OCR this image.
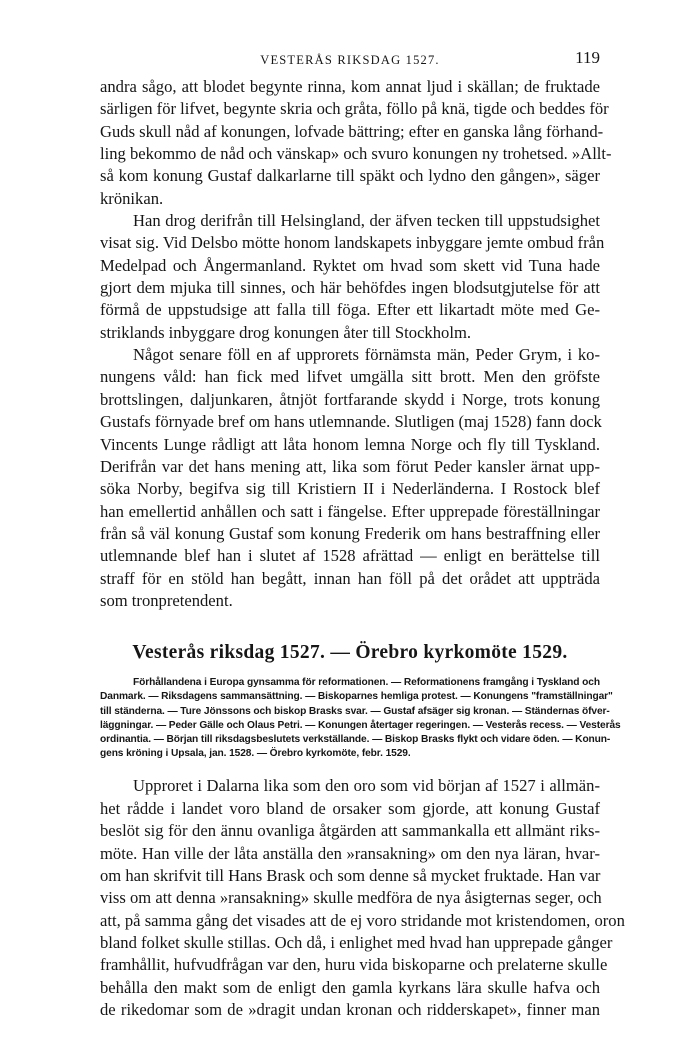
VESTERÅS RIKSDAG 1527.	119

andra sågo, att blodet begynte rinna, kom annat ljud i skällan; de fruktade
särligen för lifvet, begynte skria och gråta, föllo på knä, tigde och beddes för
Guds skull nåd af konungen, lofvade bättring; efter en ganska lång förhand-
ling bekommo de nåd och vänskap» och svuro konungen ny trohetsed. »Allt-
så kom konung Gustaf dalkarlarne till späkt och lydno den gången», säger
krönikan.

Han drog derifrån till Helsingland, der äfven tecken till uppstudsighet
visat sig. Vid Delsbo mötte honom landskapets inbyggare jemte ombud från
Medelpad och Ångermanland. Ryktet om hvad som skett vid Tuna hade
gjort dem mjuka till sinnes, och här behöfdes ingen blodsutgjutelse för att
förmå de uppstudsige att falla till föga. Efter ett likartadt möte med Ge-
striklands inbyggare drog konungen åter till Stockholm.

Något senare föll en af upprorets förnämsta män, Peder Grym, i ko-
nungens våld: han fick med lifvet umgälla sitt brott. Men den gröfste
brottslingen, daljunkaren, åtnjöt fortfarande skydd i Norge, trots konung
Gustafs förnyade bref om hans utlemnande. Slutligen (maj 1528) fann dock
Vincents Lunge rådligt att låta honom lemna Norge och fly till Tyskland.
Derifrån var det hans mening att, lika som förut Peder kansler ärnat upp-
söka Norby, begifva sig till Kristiern II i Nederländerna. I Rostock blef
han emellertid anhållen och satt i fängelse. Efter upprepade föreställningar
från så väl konung Gustaf som konung Frederik om hans bestraffning eller
utlemnande blef han i slutet af 1528 afrättad — enligt en berättelse till
straff för en stöld han begått, innan han föll på det orådet att uppträda
som tronpretendent.

Vesterås riksdag 1527. — Örebro kyrkomöte 1529.
Förhållandena i Europa gynsamma för reformationen. — Reformationens framgång i Tyskland och
Danmark. — Riksdagens sammansättning. — Biskoparnes hemliga protest. — Konungens "framställningar"
till ständerna. — Ture Jönssons och biskop Brasks svar. — Gustaf afsäger sig kronan. — Ständernas öfver-
läggningar. — Peder Gälle och Olaus Petri. — Konungen återtager regeringen. — Vesterås recess. — Vesterås
ordinantia. — Början till riksdagsbeslutets verkställande. — Biskop Brasks flykt och vidare öden. — Konun-
gens kröning i Upsala, jan. 1528. — Örebro kyrkomöte, febr. 1529.

Upproret i Dalarna lika som den oro som vid början af 1527 i allmän-
het rådde i landet voro bland de orsaker som gjorde, att konung Gustaf
beslöt sig för den ännu ovanliga åtgärden att sammankalla ett allmänt riks-
möte. Han ville der låta anställa den »ransakning» om den nya läran, hvar-
om han skrifvit till Hans Brask och som denne så mycket fruktade. Han var
viss om att denna »ransakning» skulle medföra de nya åsigternas seger, och
att, på samma gång det visades att de ej voro stridande mot kristendomen, oron
bland folket skulle stillas. Och då, i enlighet med hvad han upprepade gånger
framhållit, hufvudfrågan var den, huru vida biskoparne och prelaterne skulle
behålla den makt som de enligt den gamla kyrkans lära skulle hafva och
de rikedomar som de »dragit undan kronan och ridderskapet», finner man
